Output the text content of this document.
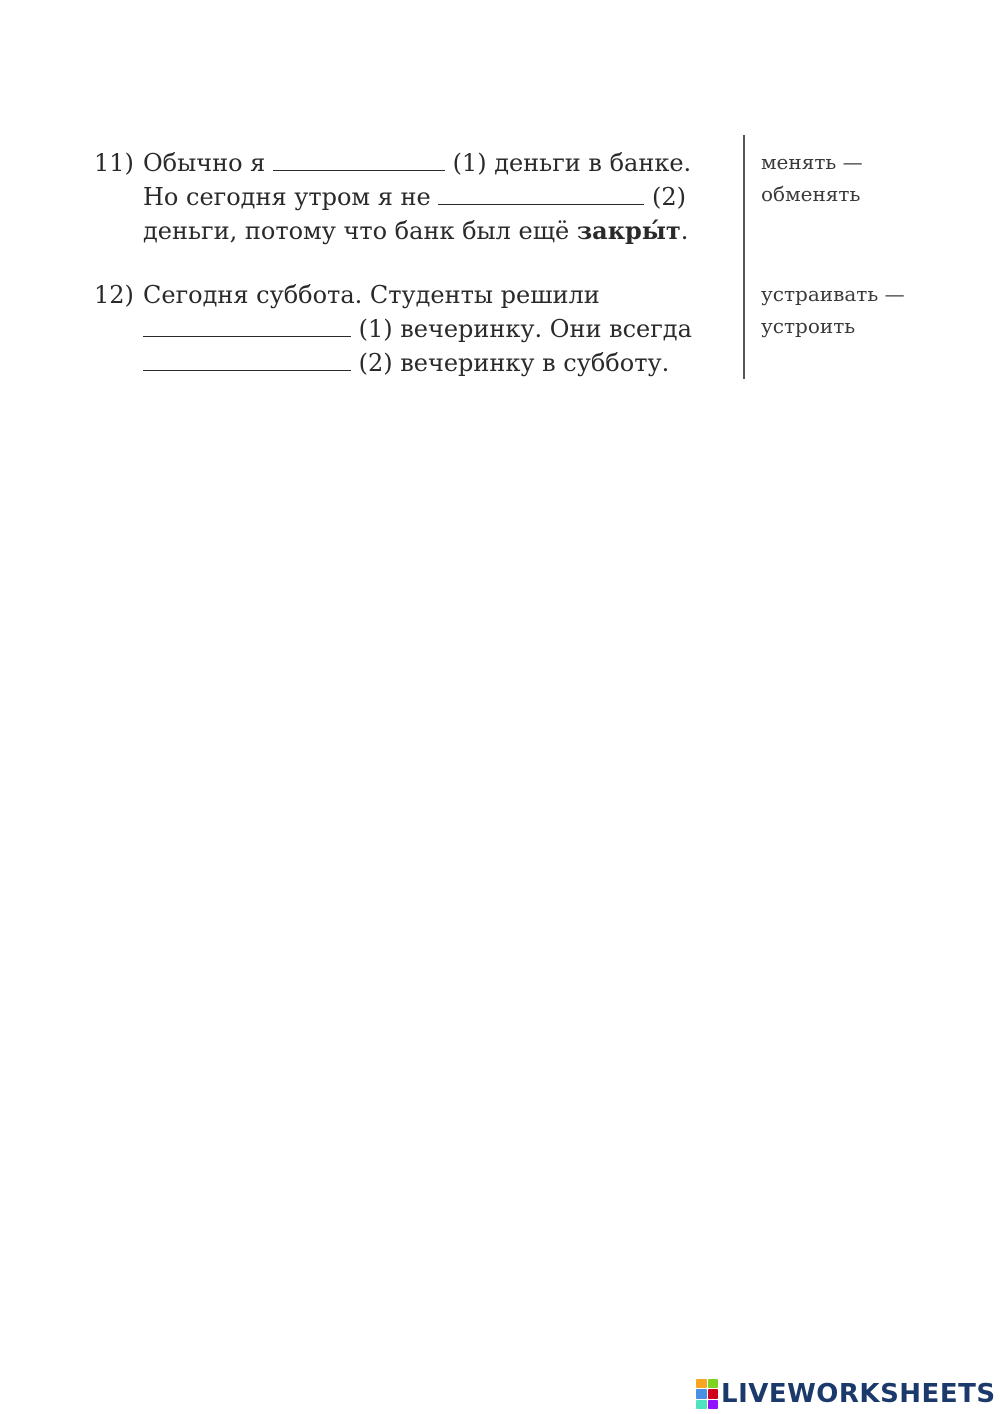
11) Обычно я	(1) деньги в банке.
Но сегодня утром я не	(2)
деньги, потому что банк был ещё закры́т.
12) Сегодня суббота. Студенты решили
(1) вечеринку. Они всегда
(2) вечеринку в субботу.
менять —
обменять
устраивать —
устроить
LIVEWORKSHEETS
